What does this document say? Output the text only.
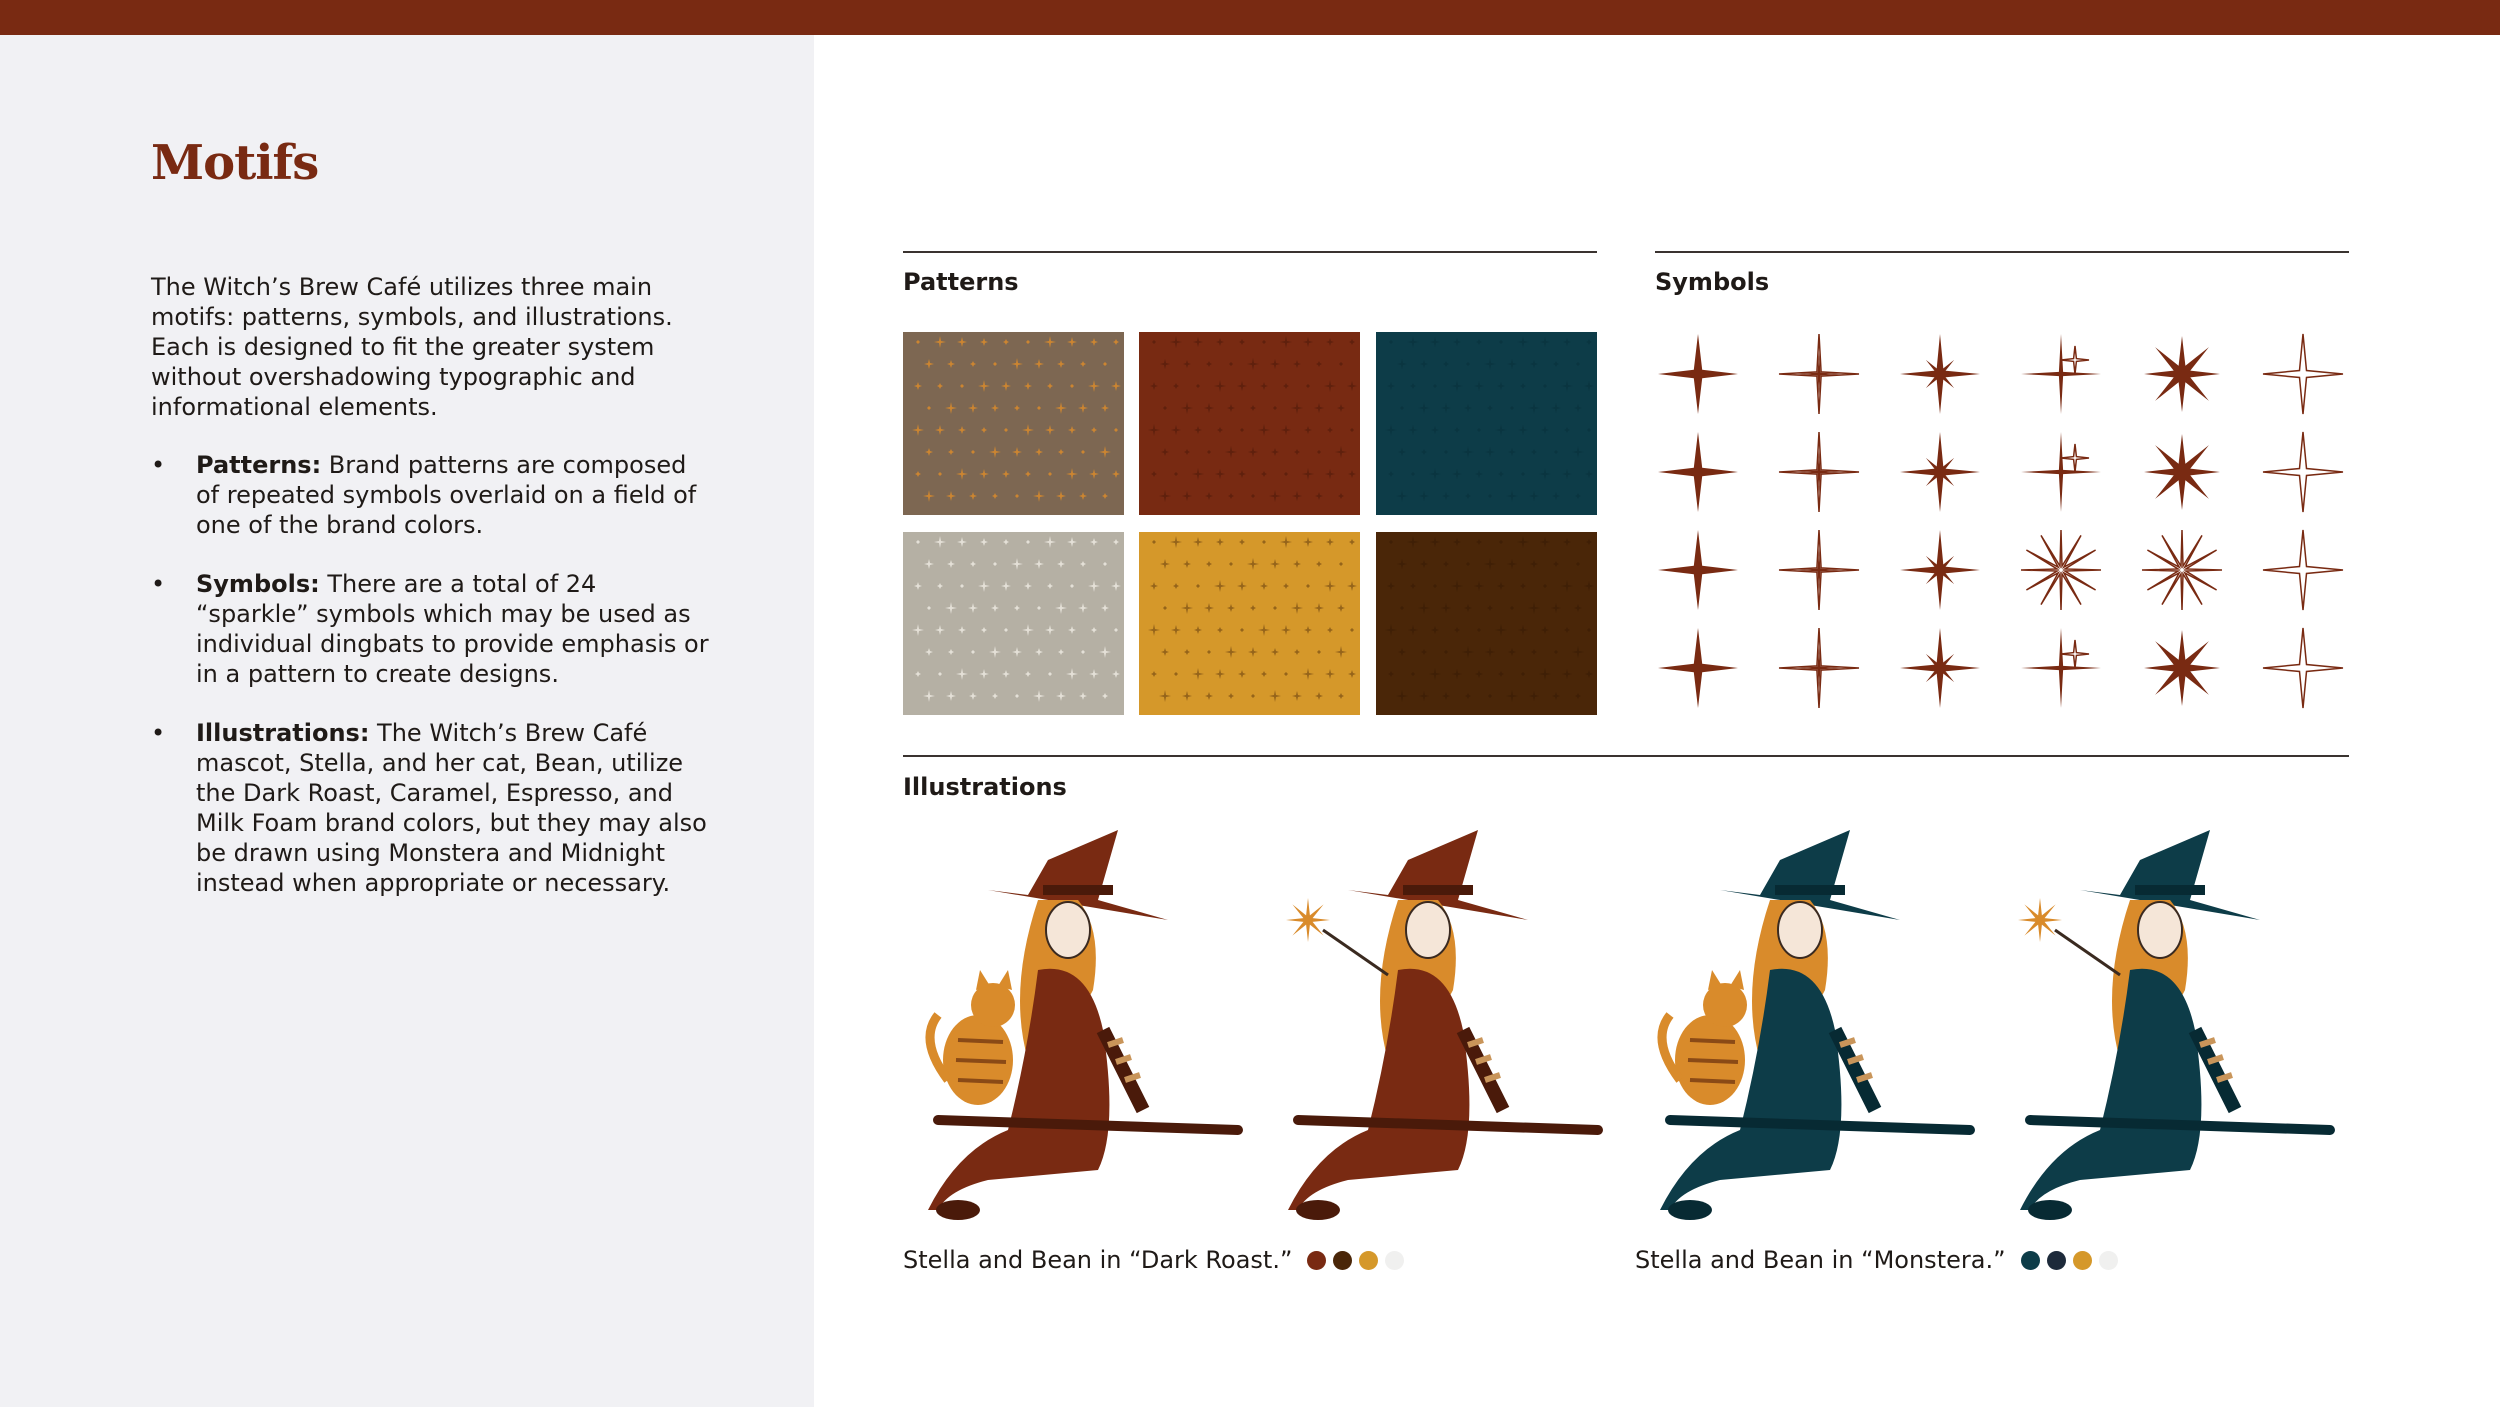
Motifs

The Witch’s Brew Café utilizes three main motifs: patterns, symbols, and illustrations. Each is designed to fit the greater system without overshadowing typographic and informational elements.

• Patterns: Brand patterns are composed of repeated symbols overlaid on a field of one of the brand colors.
• Symbols: There are a total of 24 “sparkle” symbols which may be used as individual dingbats to provide emphasis or in a pattern to create designs.
• Illustrations: The Witch’s Brew Café mascot, Stella, and her cat, Bean, utilize the Dark Roast, Caramel, Espresso, and Milk Foam brand colors, but they may also be drawn using Monstera and Midnight instead when appropriate or necessary.
Patterns	Symbols
Illustrations
Stella and Bean in “Dark Roast.”	Stella and Bean in “Monstera.”
